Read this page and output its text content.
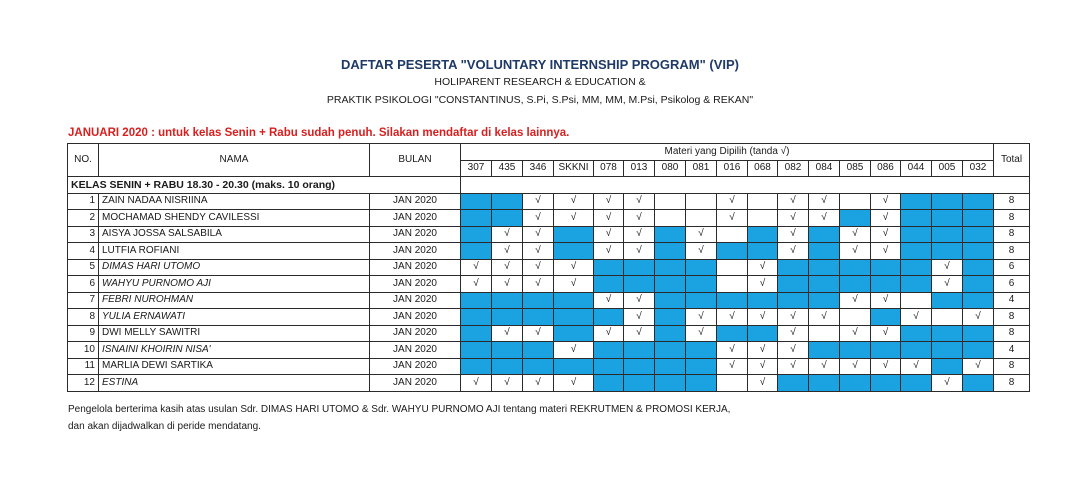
DAFTAR PESERTA "VOLUNTARY INTERNSHIP PROGRAM" (VIP)
HOLIPARENT RESEARCH & EDUCATION &
PRAKTIK PSIKOLOGI "CONSTANTINUS, S.Pi, S.Psi, MM, MM, M.Psi, Psikolog & REKAN"
JANUARI 2020 : untuk kelas Senin + Rabu sudah penuh. Silakan mendaftar di kelas lainnya.
NO.	NAMA	BULAN	Materi yang Dipilih (tanda √)																	Total
			307	435	346	SKKNI	078	013	080	081	016	068	082	084	085	086	044	005	032	
KELAS SENIN + RABU 18.30 - 20.30 (maks. 10 orang)																				
1	ZAIN NADAA NISRIINA	JAN 2020			√	√	√	√			√		√	√		√				8
2	MOCHAMAD SHENDY CAVILESSI	JAN 2020			√	√	√	√			√		√	√		√				8
3	AISYA JOSSA SALSABILA	JAN 2020		√	√		√	√		√			√		√	√				8
4	LUTFIA ROFIANI	JAN 2020		√	√		√	√		√			√		√	√				8
5	DIMAS HARI UTOMO	JAN 2020	√	√	√	√						√						√		6
6	WAHYU PURNOMO AJI	JAN 2020	√	√	√	√						√						√		6
7	FEBRI NUROHMAN	JAN 2020					√	√							√	√				4
8	YULIA ERNAWATI	JAN 2020						√		√	√	√	√	√			√		√	8
9	DWI MELLY SAWITRI	JAN 2020		√	√		√	√		√			√		√	√				8
10	ISNAINI KHOIRIN NISA'	JAN 2020				√					√	√	√							4
11	MARLIA DEWI SARTIKA	JAN 2020									√	√	√	√	√	√	√		√	8
12	ESTINA	JAN 2020	√	√	√	√						√						√		8
Pengelola berterima kasih atas usulan Sdr. DIMAS HARI UTOMO & Sdr. WAHYU PURNOMO AJI tentang materi REKRUTMEN & PROMOSI KERJA,
dan akan dijadwalkan di peride mendatang.
